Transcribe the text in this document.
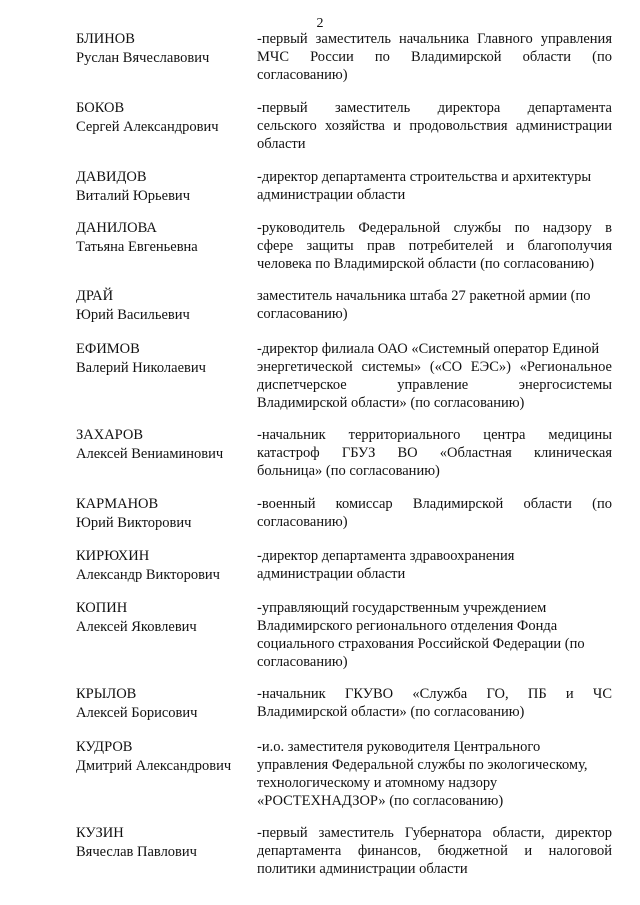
2
БЛИНОВ
Руслан Вячеславович
-первый заместитель начальника Главного управления
МЧС России по Владимирской области (по
согласованию)
БОКОВ
Сергей Александрович
-первый заместитель директора департамента
сельского хозяйства и продовольствия администрации
области
ДАВИДОВ
Виталий Юрьевич
-директор департамента строительства и архитектуры
администрации области
ДАНИЛОВА
Татьяна Евгеньевна
-руководитель Федеральной службы по надзору в
сфере защиты прав потребителей и благополучия
человека по Владимирской области (по согласованию)
ДРАЙ
Юрий Васильевич
заместитель начальника штаба 27 ракетной армии (по
согласованию)
ЕФИМОВ
Валерий Николаевич
-директор филиала ОАО «Системный оператор Единой
энергетической системы» («СО ЕЭС») «Региональное
диспетчерское управление энергосистемы
Владимирской области» (по согласованию)
ЗАХАРОВ
Алексей Вениаминович
-начальник территориального центра медицины
катастроф ГБУЗ ВО «Областная клиническая
больница» (по согласованию)
КАРМАНОВ
Юрий Викторович
-военный комиссар Владимирской области (по
согласованию)
КИРЮХИН
Александр Викторович
-директор департамента здравоохранения
администрации области
КОПИН
Алексей Яковлевич
-управляющий государственным учреждением
Владимирского регионального отделения Фонда
социального страхования Российской Федерации (по
согласованию)
КРЫЛОВ
Алексей Борисович
-начальник ГКУВО «Служба ГО, ПБ и ЧС
Владимирской области» (по согласованию)
КУДРОВ
Дмитрий Александрович
-и.о. заместителя руководителя Центрального
управления Федеральной службы по экологическому,
технологическому и атомному надзору
«РОСТЕХНАДЗОР» (по согласованию)
КУЗИН
Вячеслав Павлович
-первый заместитель Губернатора области, директор
департамента финансов, бюджетной и налоговой
политики администрации области
